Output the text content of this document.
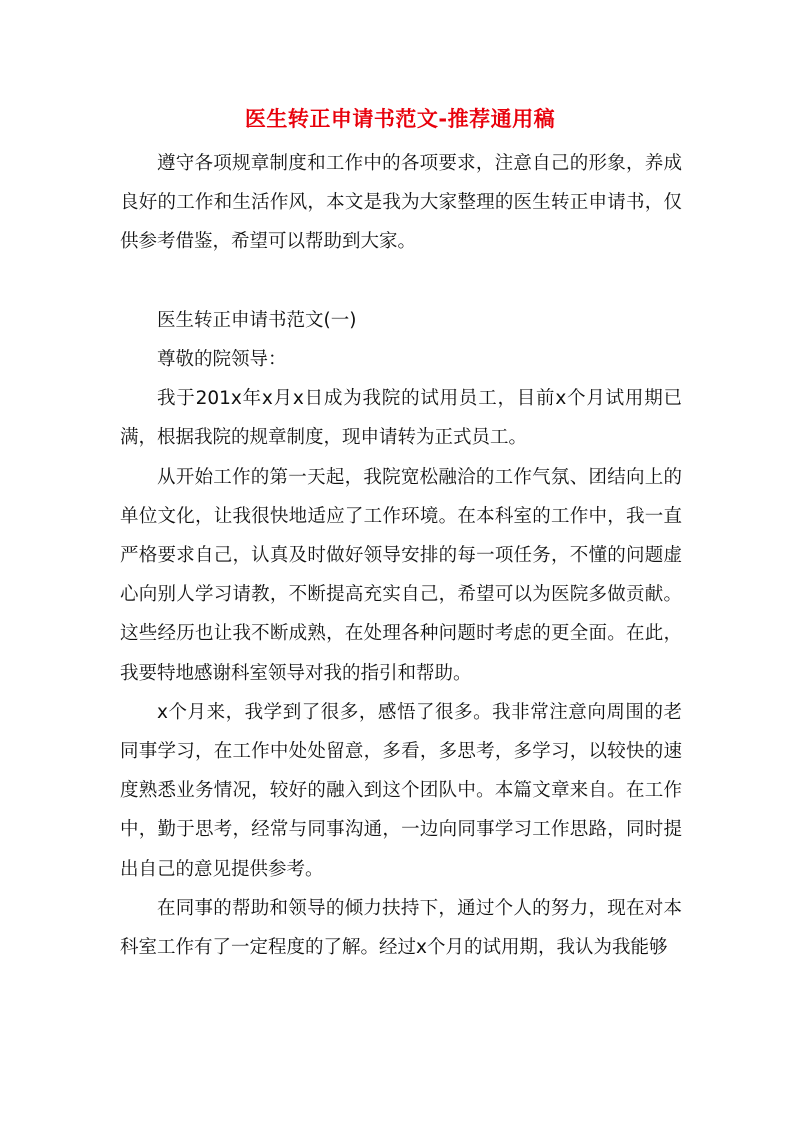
医生转正申请书范文-推荐通用稿

遵守各项规章制度和工作中的各项要求，注意自己的形象，养成良好的工作和生活作风，本文是我为大家整理的医生转正申请书，仅供参考借鉴，希望可以帮助到大家。

医生转正申请书范文(一)

尊敬的院领导：

我于201x年x月x日成为我院的试用员工，目前x个月试用期已满，根据我院的规章制度，现申请转为正式员工。

从开始工作的第一天起，我院宽松融洽的工作气氛、团结向上的单位文化，让我很快地适应了工作环境。在本科室的工作中，我一直严格要求自己，认真及时做好领导安排的每一项任务，不懂的问题虚心向别人学习请教，不断提高充实自己，希望可以为医院多做贡献。这些经历也让我不断成熟，在处理各种问题时考虑的更全面。在此，我要特地感谢科室领导对我的指引和帮助。

x个月来，我学到了很多，感悟了很多。我非常注意向周围的老同事学习，在工作中处处留意，多看，多思考，多学习，以较快的速度熟悉业务情况，较好的融入到这个团队中。本篇文章来自。在工作中，勤于思考，经常与同事沟通，一边向同事学习工作思路，同时提出自己的意见提供参考。

在同事的帮助和领导的倾力扶持下，通过个人的努力，现在对本科室工作有了一定程度的了解。经过x个月的试用期，我认为我能够
